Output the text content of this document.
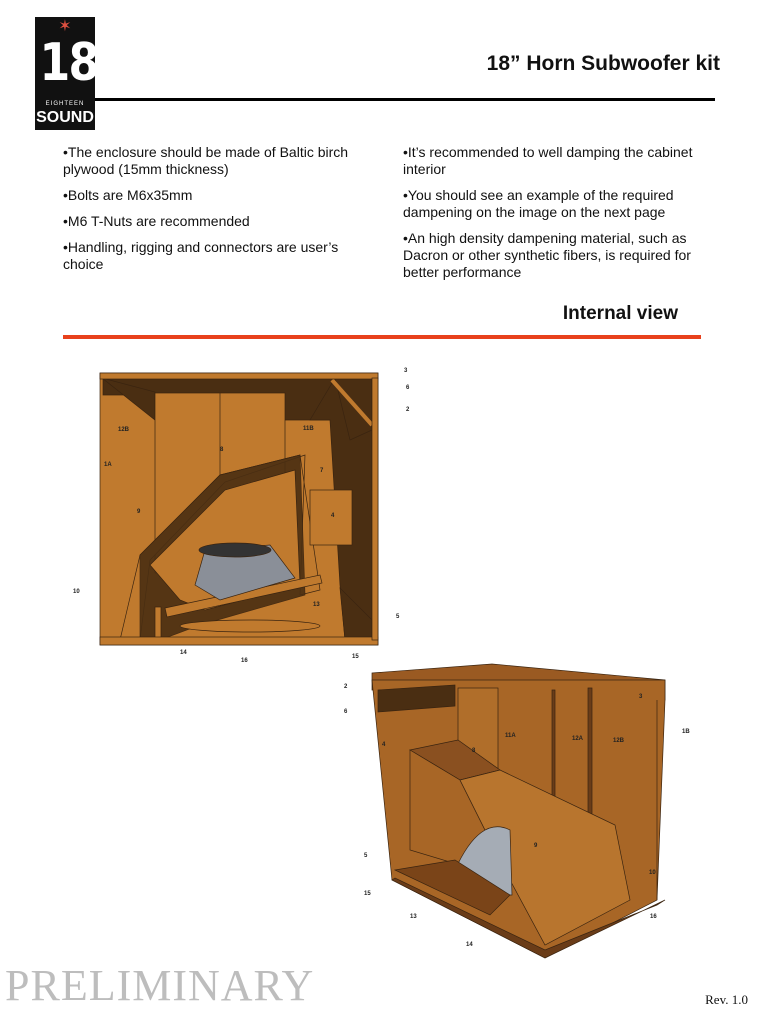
✶
18
EIGHTEEN
SOUND
18” Horn Subwoofer kit

•The enclosure should be made of Baltic birch plywood (15mm thickness)

•Bolts are M6x35mm

•M6 T-Nuts are recommended

•Handling, rigging and connectors are user’s choice

•It’s recommended to well damping the cabinet interior

•You should see an example of the required dampening on the image on the next page

•An high density dampening material, such as Dacron or other synthetic fibers, is required for better performance

Internal view
3
6
2
12B	11B
8
1A
7
9
4
10
13
5
14
16
15
2
6
3
11A	12A	12B
1B
4
8
9
5
10
15
13	16
14
PRELIMINARY	Rev. 1.0
